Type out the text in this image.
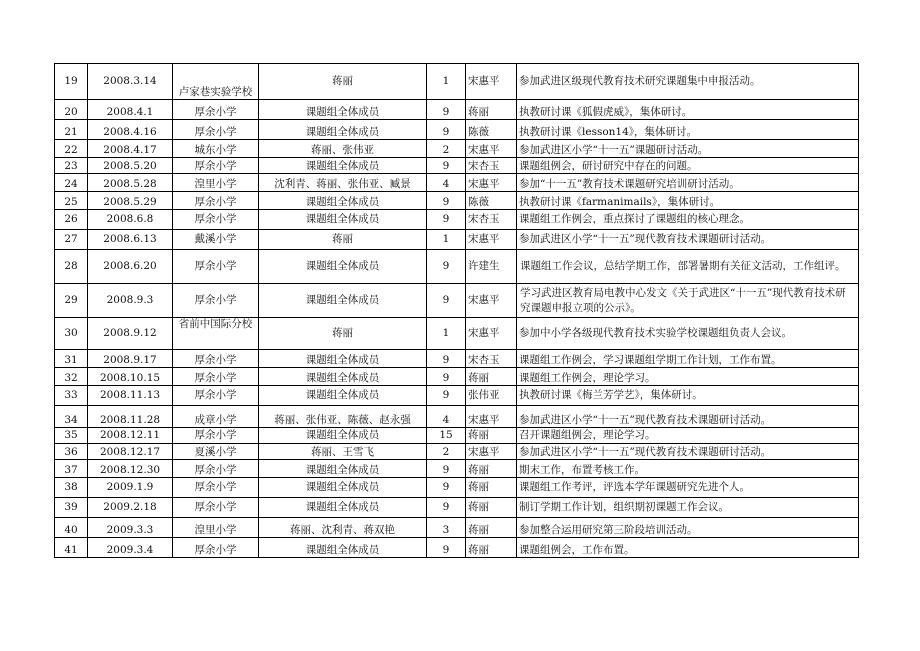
19	2008.3.14	卢家巷实验学校	蒋丽	1	宋惠平	参加武进区级现代教育技术研究课题集中申报活动。
20	2008.4.1	厚余小学	课题组全体成员	9	蒋丽	执教研讨课《狐假虎威》，集体研讨。
21	2008.4.16	厚余小学	课题组全体成员	9	陈薇	执教研讨课《lesson14》，集体研讨。
22	2008.4.17	城东小学	蒋丽、张伟亚	2	宋惠平	参加武进区小学“十一五”课题研讨活动。
23	2008.5.20	厚余小学	课题组全体成员	9	宋杏玉	课题组例会，研讨研究中存在的问题。
24	2008.5.28	湟里小学	沈利青、蒋丽、张伟亚、臧景	4	宋惠平	参加“十一五”教育技术课题研究培训研讨活动。
25	2008.5.29	厚余小学	课题组全体成员	9	陈薇	执教研讨课《farmanimails》，集体研讨。
26	2008.6.8	厚余小学	课题组全体成员	9	宋杏玉	课题组工作例会，重点探讨了课题组的核心理念。
27	2008.6.13	戴溪小学	蒋丽	1	宋惠平	参加武进区小学“十一五”现代教育技术课题研讨活动。
28	2008.6.20	厚余小学	课题组全体成员	9	许建生	课题组工作会议，总结学期工作，部署暑期有关征文活动，工作组评。
29	2008.9.3	厚余小学	课题组全体成员	9	宋惠平	学习武进区教育局电教中心发文《关于武进区“十一五”现代教育技术研究课题申报立项的公示》。
30	2008.9.12	省前中国际分校	蒋丽	1	宋惠平	参加中小学各级现代教育技术实验学校课题组负责人会议。
31	2008.9.17	厚余小学	课题组全体成员	9	宋杏玉	课题组工作例会，学习课题组学期工作计划，工作布置。
32	2008.10.15	厚余小学	课题组全体成员	9	蒋丽	课题组工作例会，理论学习。
33	2008.11.13	厚余小学	课题组全体成员	9	张伟亚	执教研讨课《梅兰芳学艺》，集体研讨。
34	2008.11.28	成章小学	蒋丽、张伟亚、陈薇、赵永强	4	宋惠平	参加武进区小学“十一五”现代教育技术课题研讨活动。
35	2008.12.11	厚余小学	课题组全体成员	15	蒋丽	召开课题组例会，理论学习。
36	2008.12.17	夏溪小学	蒋丽、王雪飞	2	宋惠平	参加武进区小学“十一五”现代教育技术课题研讨活动。
37	2008.12.30	厚余小学	课题组全体成员	9	蒋丽	期末工作，布置考核工作。
38	2009.1.9	厚余小学	课题组全体成员	9	蒋丽	课题组工作考评，评选本学年课题研究先进个人。
39	2009.2.18	厚余小学	课题组全体成员	9	蒋丽	制订学期工作计划，组织期初课题工作会议。
40	2009.3.3	湟里小学	蒋丽、沈利青、蒋双艳	3	蒋丽	参加整合运用研究第三阶段培训活动。
41	2009.3.4	厚余小学	课题组全体成员	9	蒋丽	课题组例会，工作布置。
